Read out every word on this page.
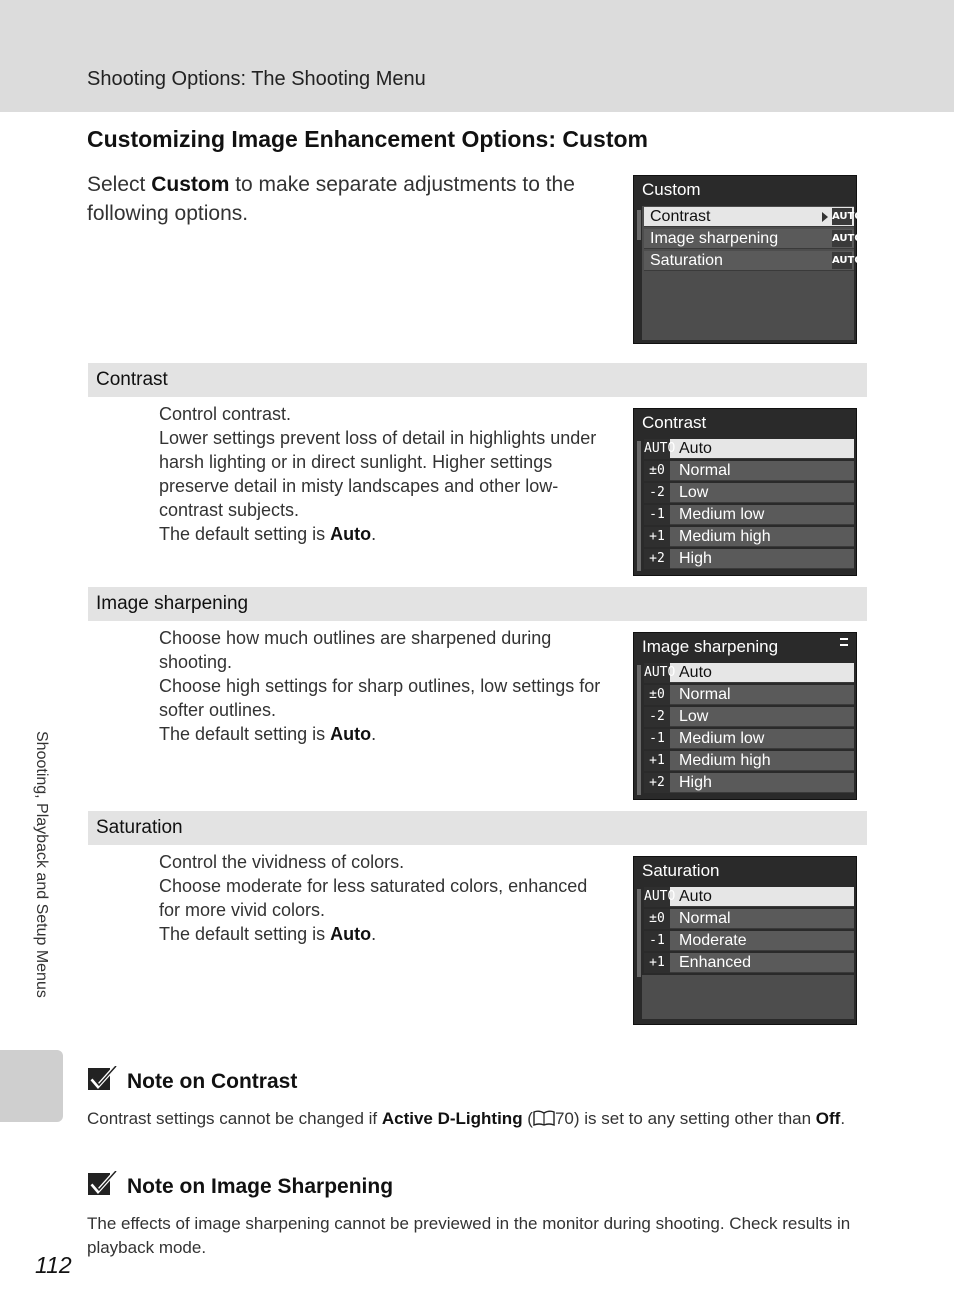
Shooting Options: The Shooting Menu
Customizing Image Enhancement Options: Custom
Select Custom to make separate adjustments to the following options.
Custom
Contrast	AUTO
Image sharpening	AUTO
Saturation	AUTO
Contrast

Control contrast.

Lower settings prevent loss of detail in highlights under harsh lighting or in direct sunlight. Higher settings preserve detail in misty landscapes and other low-contrast subjects.

The default setting is Auto.

Contrast
AUTO Auto
±0 Normal
-2 Low
-1 Medium low
+1 Medium high
+2 High
Image sharpening

Choose how much outlines are sharpened during shooting.

Choose high settings for sharp outlines, low settings for softer outlines.

The default setting is Auto.

Image sharpening
AUTO Auto
±0 Normal
-2 Low
-1 Medium low
+1 Medium high
+2 High
Saturation

Control the vividness of colors.

Choose moderate for less saturated colors, enhanced for more vivid colors.

The default setting is Auto.

Saturation
AUTO Auto
±0 Normal
-1 Moderate
+1 Enhanced
Shooting, Playback and Setup Menus
Note on Contrast
Contrast settings cannot be changed if Active D-Lighting ( 70) is set to any setting other than Off.
Note on Image Sharpening
The effects of image sharpening cannot be previewed in the monitor during shooting. Check results in playback mode.
112
